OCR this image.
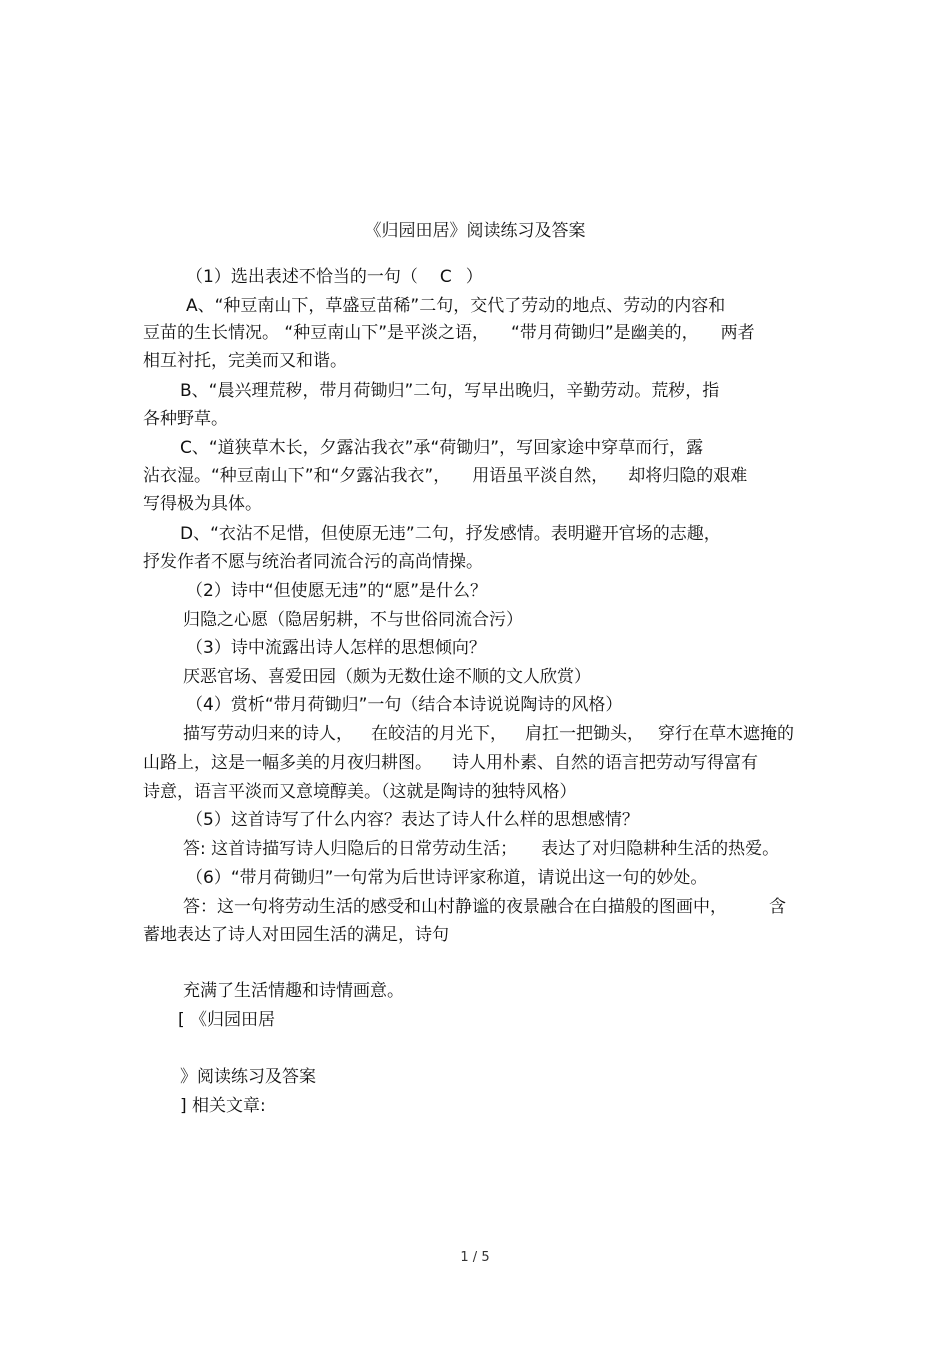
《归园田居》阅读练习及答案
（1）选出表述不恰当的一句（ C ）
A、“种豆南山下，草盛豆苗稀”二句，交代了劳动的地点、劳动的内容和
豆苗的生长情况。 “种豆南山下”是平淡之语， “带月荷锄归”是幽美的， 两者
相互衬托，完美而又和谐。
B、“晨兴理荒秽，带月荷锄归”二句，写早出晚归，辛勤劳动。荒秽，指
各种野草。
C、“道狭草木长，夕露沾我衣”承“荷锄归”，写回家途中穿草而行，露
沾衣湿。“种豆南山下”和“夕露沾我衣”， 用语虽平淡自然， 却将归隐的艰难
写得极为具体。
D、“衣沾不足惜，但使原无违”二句，抒发感情。表明避开官场的志趣，
抒发作者不愿与统治者同流合污的高尚情操。
（2）诗中“但使愿无违”的“愿”是什么？
归隐之心愿（隐居躬耕，不与世俗同流合污）
（3）诗中流露出诗人怎样的思想倾向？
厌恶官场、喜爱田园（颇为无数仕途不顺的文人欣赏）
（4）赏析“带月荷锄归”一句（结合本诗说说陶诗的风格）
描写劳动归来的诗人， 在皎洁的月光下， 肩扛一把锄头， 穿行在草木遮掩的
山路上，这是一幅多美的月夜归耕图。 诗人用朴素、自然的语言把劳动写得富有
诗意，语言平淡而又意境醇美。（这就是陶诗的独特风格）
（5）这首诗写了什么内容？表达了诗人什么样的思想感情？
答: 这首诗描写诗人归隐后的日常劳动生活； 表达了对归隐耕种生活的热爱。
（6）“带月荷锄归”一句常为后世诗评家称道，请说出这一句的妙处。
答：这一句将劳动生活的感受和山村静谧的夜景融合在白描般的图画中， 含
蓄地表达了诗人对田园生活的满足，诗句
充满了生活情趣和诗情画意。
[ 《归园田居
》阅读练习及答案
] 相关文章:
1 / 5
